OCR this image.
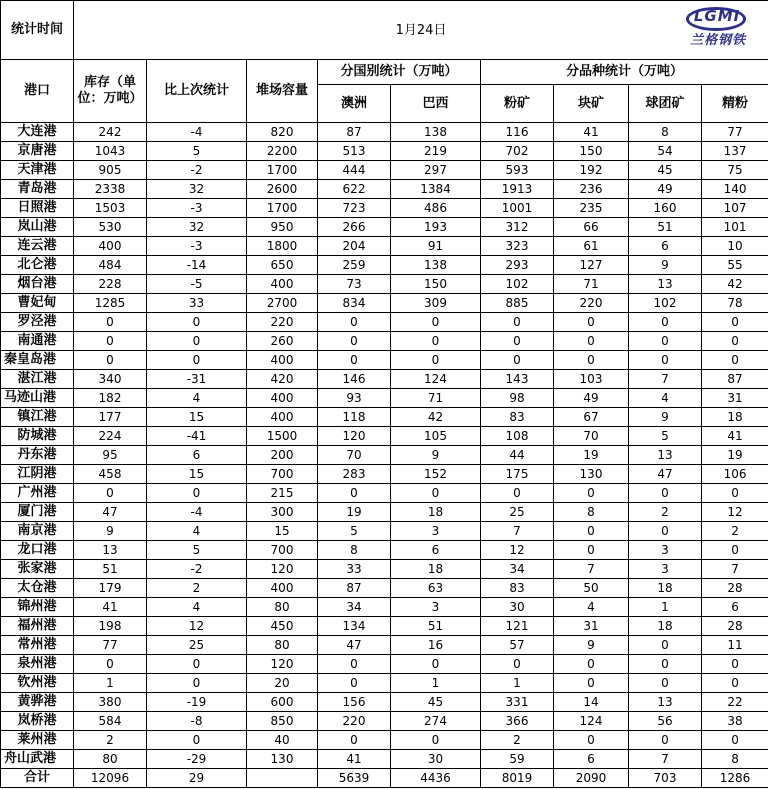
统计时间	1月24日
LGMI
兰格钢铁								

港口	库存（单位：万吨）	比上次统计	堆场容量	分国别统计（万吨）		分品种统计（万吨）			
				澳洲	巴西	粉矿	块矿	球团矿	精粉
大连港	242	-4	820	87	138	116	41	8	77
京唐港	1043	5	2200	513	219	702	150	54	137
天津港	905	-2	1700	444	297	593	192	45	75
青岛港	2338	32	2600	622	1384	1913	236	49	140
日照港	1503	-3	1700	723	486	1001	235	160	107
岚山港	530	32	950	266	193	312	66	51	101
连云港	400	-3	1800	204	91	323	61	6	10
北仑港	484	-14	650	259	138	293	127	9	55
烟台港	228	-5	400	73	150	102	71	13	42
曹妃甸	1285	33	2700	834	309	885	220	102	78
罗泾港	0	0	220	0	0	0	0	0	0
南通港	0	0	260	0	0	0	0	0	0
秦皇岛港	0	0	400	0	0	0	0	0	0
湛江港	340	-31	420	146	124	143	103	7	87
马迹山港	182	4	400	93	71	98	49	4	31
镇江港	177	15	400	118	42	83	67	9	18
防城港	224	-41	1500	120	105	108	70	5	41
丹东港	95	6	200	70	9	44	19	13	19
江阴港	458	15	700	283	152	175	130	47	106
广州港	0	0	215	0	0	0	0	0	0
厦门港	47	-4	300	19	18	25	8	2	12
南京港	9	4	15	5	3	7	0	0	2
龙口港	13	5	700	8	6	12	0	3	0
张家港	51	-2	120	33	18	34	7	3	7
太仓港	179	2	400	87	63	83	50	18	28
锦州港	41	4	80	34	3	30	4	1	6
福州港	198	12	450	134	51	121	31	18	28
常州港	77	25	80	47	16	57	9	0	11
泉州港	0	0	120	0	0	0	0	0	0
钦州港	1	0	20	0	1	1	0	0	0
黄骅港	380	-19	600	156	45	331	14	13	22
岚桥港	584	-8	850	220	274	366	124	56	38
莱州港	2	0	40	0	0	2	0	0	0
舟山武港	80	-29	130	41	30	59	6	7	8
合计	12096	29		5639	4436	8019	2090	703	1286
